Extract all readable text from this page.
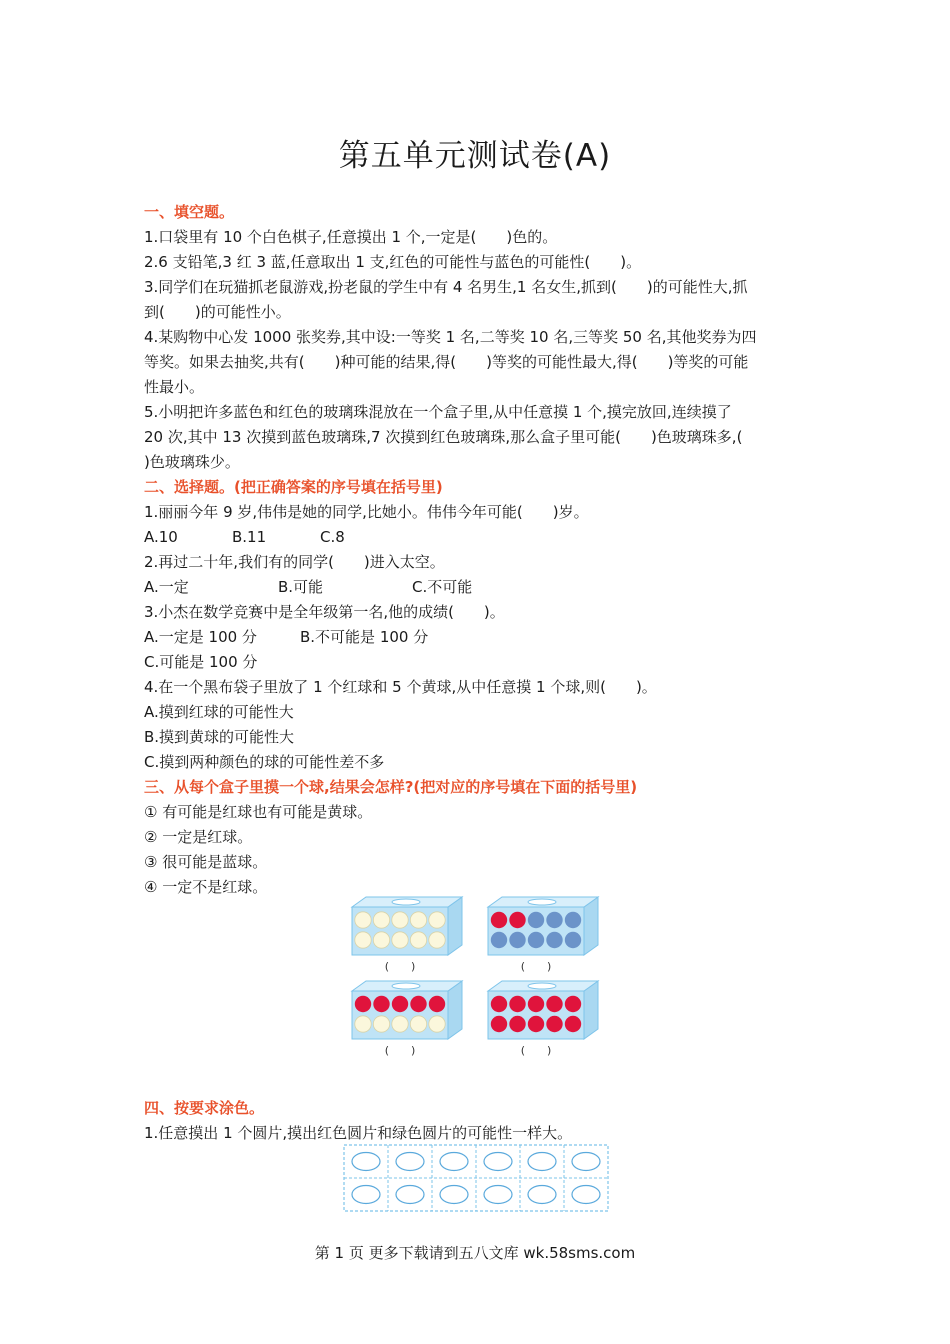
第五单元测试卷(A)
一、填空题。
1.口袋里有 10 个白色棋子,任意摸出 1 个,一定是(　　)色的。
2.6 支铅笔,3 红 3 蓝,任意取出 1 支,红色的可能性与蓝色的可能性(　　)。
3.同学们在玩猫抓老鼠游戏,扮老鼠的学生中有 4 名男生,1 名女生,抓到(　　)的可能性大,抓
到(　　)的可能性小。
4.某购物中心发 1000 张奖券,其中设:一等奖 1 名,二等奖 10 名,三等奖 50 名,其他奖券为四
等奖。如果去抽奖,共有(　　)种可能的结果,得(　　)等奖的可能性最大,得(　　)等奖的可能
性最小。
5.小明把许多蓝色和红色的玻璃珠混放在一个盒子里,从中任意摸 1 个,摸完放回,连续摸了
20 次,其中 13 次摸到蓝色玻璃珠,7 次摸到红色玻璃珠,那么盒子里可能(　　)色玻璃珠多,(
)色玻璃珠少。
二、选择题。(把正确答案的序号填在括号里)
1.丽丽今年 9 岁,伟伟是她的同学,比她小。伟伟今年可能(　　)岁。
A.10	B.11	C.8
2.再过二十年,我们有的同学(　　)进入太空。
A.一定	B.可能	C.不可能
3.小杰在数学竞赛中是全年级第一名,他的成绩(　　)。
A.一定是 100 分	B.不可能是 100 分
C.可能是 100 分
4.在一个黑布袋子里放了 1 个红球和 5 个黄球,从中任意摸 1 个球,则(　　)。
A.摸到红球的可能性大
B.摸到黄球的可能性大
C.摸到两种颜色的球的可能性差不多
三、从每个盒子里摸一个球,结果会怎样?(把对应的序号填在下面的括号里)
① 有可能是红球也有可能是黄球。
② 一定是红球。
③ 很可能是蓝球。
④ 一定不是红球。
(　　)	(　　)
(　　)	(　　)
四、按要求涂色。
1.任意摸出 1 个圆片,摸出红色圆片和绿色圆片的可能性一样大。
第 1 页 更多下载请到五八文库 wk.58sms.com
